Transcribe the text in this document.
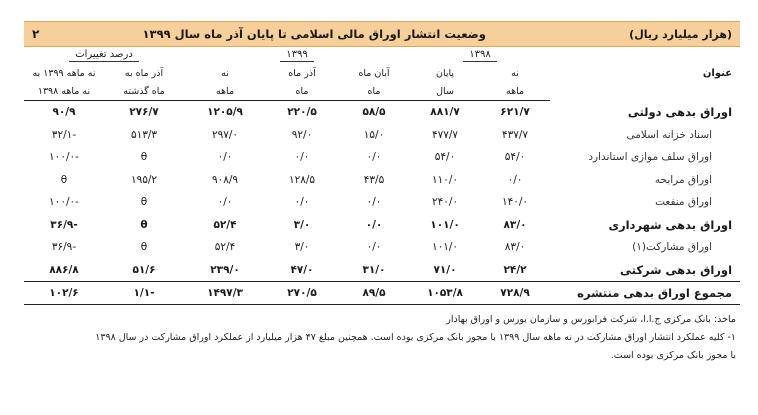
(هزار میلیارد ریال)
وضعیت انتشار اوراق مالی اسلامی تا پایان آذر ماه سال ۱۳۹۹
۲
عنوان	۱۳۹۸		۱۳۹۹			درصد تغییرات	
	نه	پایان	آبان ماه	آذر ماه	نه	آذر ماه به	نه ماهه ۱۳۹۹ به
	ماهه	سال	ماه	ماه	ماهه	ماه گذشته	نه ماهه ۱۳۹۸
اوراق بدهی دولتی	۶۲۱/۷	۸۸۱/۷	۵۸/۵	۲۲۰/۵	۱۲۰۵/۹	۲۷۶/۷	۹۰/۹
اسناد خزانه اسلامی	۴۳۷/۷	۴۷۷/۷	۱۵/۰	۹۲/۰	۲۹۷/۰	۵۱۳/۳	-۳۲/۱
اوراق سلف موازی استاندارد	۵۴/۰	۵۴/۰	۰/۰	۰/۰	۰/۰	θ	-۱۰۰/۰
اوراق مرابحه	۰/۰	۱۱۰/۰	۴۳/۵	۱۲۸/۵	۹۰۸/۹	۱۹۵/۲	θ
اوراق منفعت	۱۴۰/۰	۲۴۰/۰	۰/۰	۰/۰	۰/۰	θ	-۱۰۰/۰
اوراق بدهی شهرداری	۸۳/۰	۱۰۱/۰	۰/۰	۳/۰	۵۲/۴	θ	-۳۶/۹
اوراق مشارکت(۱)	۸۳/۰	۱۰۱/۰	۰/۰	۳/۰	۵۲/۴	θ	-۳۶/۹
اوراق بدهی شرکتی	۲۴/۲	۷۱/۰	۳۱/۰	۴۷/۰	۲۳۹/۰	۵۱/۶	۸۸۶/۸
مجموع اوراق بدهی منتشره	۷۲۸/۹	۱۰۵۳/۸	۸۹/۵	۲۷۰/۵	۱۴۹۷/۳	-۱/۱	۱۰۲/۶

ماخذ: بانک مرکزی ج.ا.ا، شرکت فرابورس و سازمان بورس و اوراق بهادار

۱- کلیه عملکرد انتشار اوراق مشارکت در نه ماهه سال ۱۳۹۹ با مجوز بانک مرکزی بوده است. همچنین مبلغ ۴۷ هزار میلیارد از عملکرد اوراق مشارکت در سال ۱۳۹۸

با مجوز بانک مرکزی بوده است.
